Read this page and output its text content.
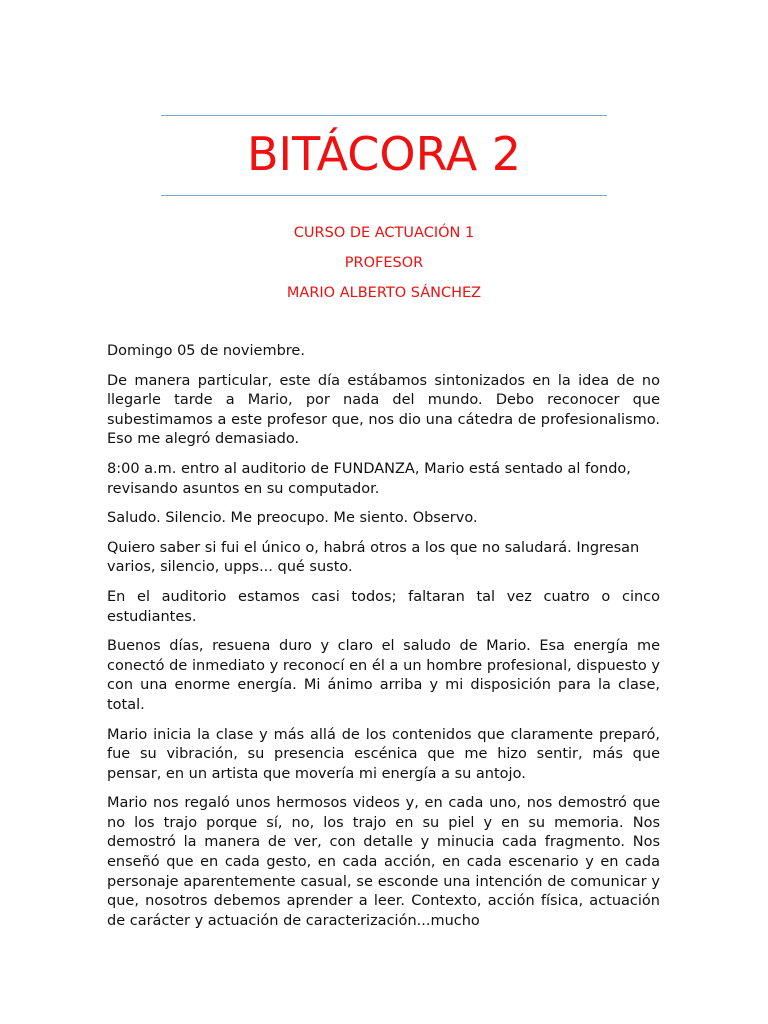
BITÁCORA 2
CURSO DE ACTUACIÓN 1
PROFESOR
MARIO ALBERTO SÁNCHEZ

Domingo 05 de noviembre.

De manera particular, este día estábamos sintonizados en la idea de no llegarle tarde a Mario, por nada del mundo. Debo reconocer que subestimamos a este profesor que, nos dio una cátedra de profesionalismo. Eso me alegró demasiado.

8:00 a.m. entro al auditorio de FUNDANZA, Mario está sentado al fondo, revisando asuntos en su computador.

Saludo. Silencio. Me preocupo. Me siento. Observo.

Quiero saber si fui el único o, habrá otros a los que no saludará. Ingresan varios, silencio, upps... qué susto.

En el auditorio estamos casi todos; faltaran tal vez cuatro o cinco estudiantes.

Buenos días, resuena duro y claro el saludo de Mario. Esa energía me conectó de inmediato y reconocí en él a un hombre profesional, dispuesto y con una enorme energía. Mi ánimo arriba y mi disposición para la clase, total.

Mario inicia la clase y más allá de los contenidos que claramente preparó, fue su vibración, su presencia escénica que me hizo sentir, más que pensar, en un artista que movería mi energía a su antojo.

Mario nos regaló unos hermosos videos y, en cada uno, nos demostró que no los trajo porque sí, no, los trajo en su piel y en su memoria. Nos demostró la manera de ver, con detalle y minucia cada fragmento. Nos enseñó que en cada gesto, en cada acción, en cada escenario y en cada personaje aparentemente casual, se esconde una intención de comunicar y que, nosotros debemos aprender a leer. Contexto, acción física, actuación de carácter y actuación de caracterización...mucho
